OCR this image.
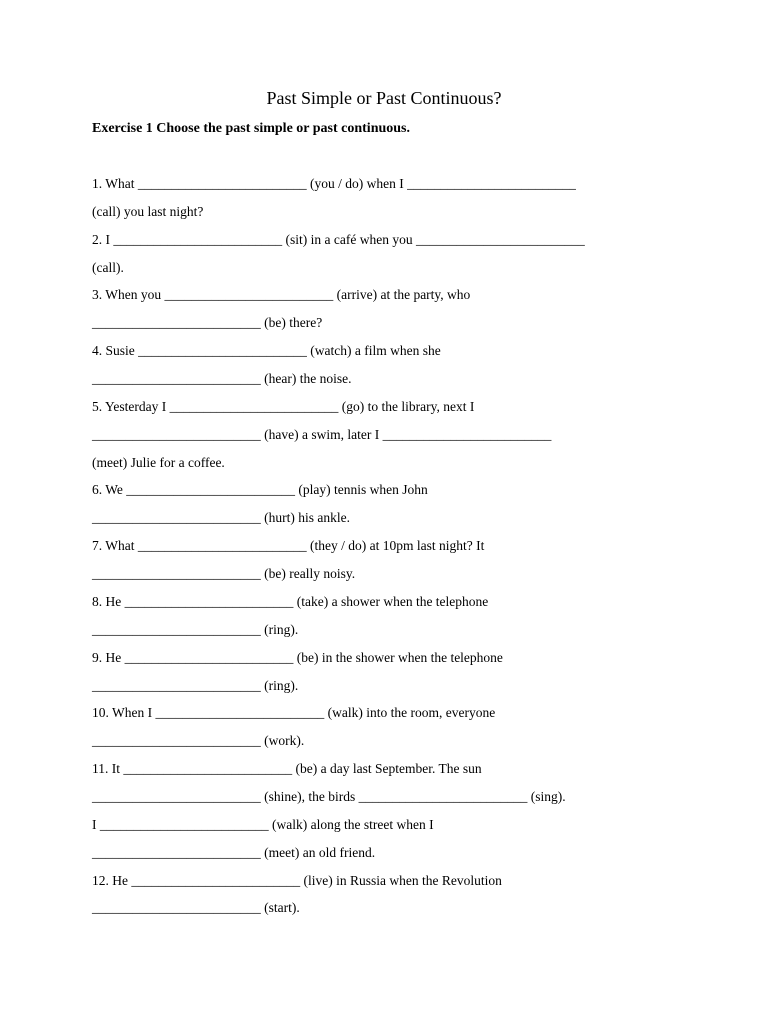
Past Simple or Past Continuous?

Exercise 1 Choose the past simple or past continuous.

1. What _________________________ (you / do) when I _________________________

(call) you last night?

2. I _________________________ (sit) in a café when you _________________________

(call).

3. When you _________________________ (arrive) at the party, who

_________________________ (be) there?

4. Susie _________________________ (watch) a film when she

_________________________ (hear) the noise.

5. Yesterday I _________________________ (go) to the library, next I

_________________________ (have) a swim, later I _________________________

(meet) Julie for a coffee.

6. We _________________________ (play) tennis when John

_________________________ (hurt) his ankle.

7. What _________________________ (they / do) at 10pm last night? It

_________________________ (be) really noisy.

8. He _________________________ (take) a shower when the telephone

_________________________ (ring).

9. He _________________________ (be) in the shower when the telephone

_________________________ (ring).

10. When I _________________________ (walk) into the room, everyone

_________________________ (work).

11. It _________________________ (be) a day last September. The sun

_________________________ (shine), the birds _________________________ (sing).

I _________________________ (walk) along the street when I

_________________________ (meet) an old friend.

12. He _________________________ (live) in Russia when the Revolution

_________________________ (start).
